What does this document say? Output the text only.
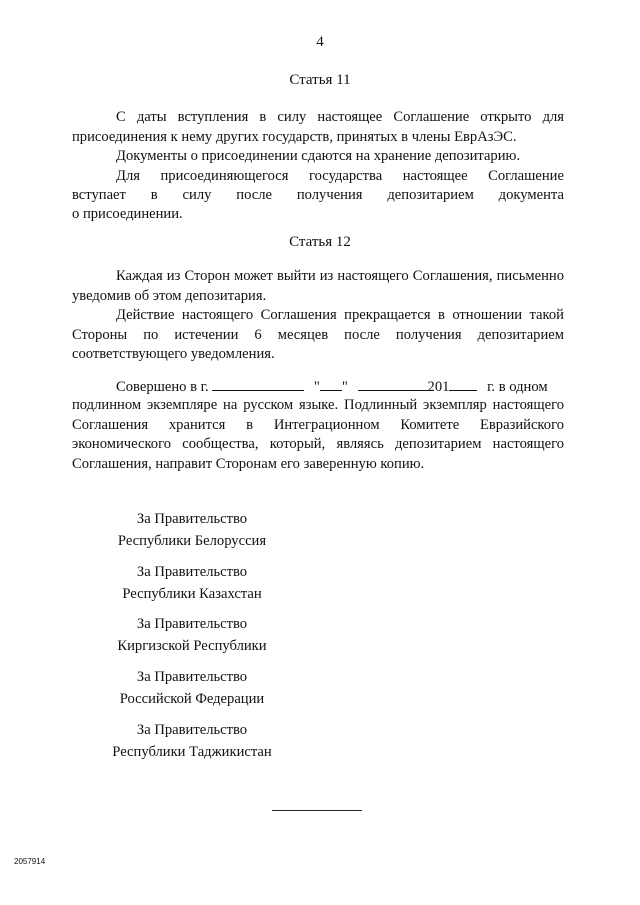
4
Статья 11
С даты вступления в силу настоящее Соглашение открыто для присоединения к нему других государств, принятых в члены ЕврАзЭС.
Документы о присоединении сдаются на хранение депозитарию.
Для присоединяющегося государства настоящее Соглашение
вступает в силу после получения депозитарием документа
о присоединении.
Статья 12
Каждая из Сторон может выйти из настоящего Соглашения, письменно уведомив об этом депозитария.
Действие настоящего Соглашения прекращается в отношении такой Стороны по истечении 6 месяцев после получения депозитарием соответствующего уведомления.
Совершено в г.	" "	201	г. в одном
подлинном экземпляре на русском языке. Подлинный экземпляр настоящего Соглашения хранится в Интеграционном Комитете Евразийского экономического сообщества, который, являясь депозитарием настоящего Соглашения, направит Сторонам его заверенную копию.
За Правительство
Республики Белоруссия
За Правительство
Республики Казахстан
За Правительство
Киргизской Республики
За Правительство
Российской Федерации
За Правительство
Республики Таджикистан
2057914
